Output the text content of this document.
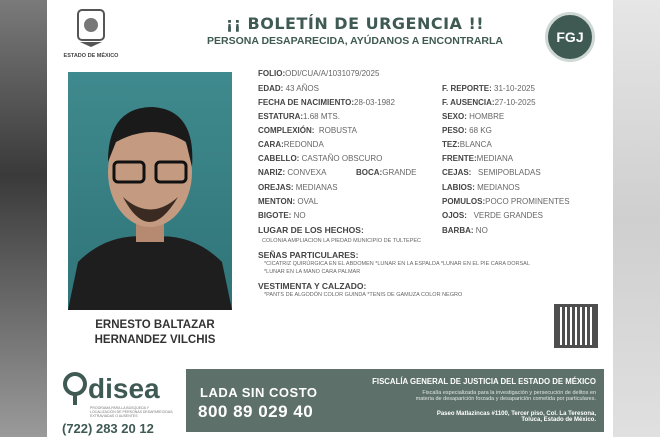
ESTADO DE MÉXICO
¡¡ BOLETÍN DE URGENCIA !!
PERSONA DESAPARECIDA, AYÚDANOS A ENCONTRARLA	FGJ
ERNESTO BALTAZAR
HERNANDEZ VILCHIS
FOLIO:ODI/CUA/A/1031079/2025
EDAD: 43 AÑOS
FECHA DE NACIMIENTO:28-03-1982
ESTATURA:1.68 MTS.
COMPLEXIÓN: ROBUSTA
CARA:REDONDA
CABELLO: CASTAÑO OBSCURO
NARIZ: CONVEXA	BOCA:GRANDE
OREJAS: MEDIANAS
MENTON: OVAL
BIGOTE: NO
F. REPORTE: 31-10-2025
F. AUSENCIA:27-10-2025
SEXO: HOMBRE
PESO: 68 KG
TEZ:BLANCA
FRENTE:MEDIANA
CEJAS: SEMIPOBLADAS
LABIOS: MEDIANOS
POMULOS:POCO PROMINENTES
OJOS: VERDE GRANDES
BARBA: NO
LUGAR DE LOS HECHOS:
COLONIA AMPLIACION LA PIEDAD MUNICIPIO DE TULTEPEC
SEÑAS PARTICULARES:
*CICATRIZ QUIRÚRGICA EN EL ABDOMEN *LUNAR EN LA ESPALDA *LUNAR EN EL PIE CARA DORSAL
*LUNAR EN LA MANO CARA PALMAR
VESTIMENTA Y CALZADO:
*PANTS DE ALGODÓN COLOR GUINDA *TENIS DE GAMUZA COLOR NEGRO
disea
PROGRAMA PARA LA BÚSQUEDA Y LOCALIZACIÓN DE PERSONAS DESAPARECIDAS, EXTRAVIADAS O AUSENTES
(722) 283 20 12
LADA SIN COSTO
800 89 029 40
FISCALÍA GENERAL DE JUSTICIA DEL ESTADO DE MÉXICO
Fiscalía especializada para la investigación y persecución de delitos en
materia de desaparición forzada y desaparición cometida por particulares.
Paseo Matlazincas #1100, Tercer piso, Col. La Teresona,
Toluca, Estado de México.
